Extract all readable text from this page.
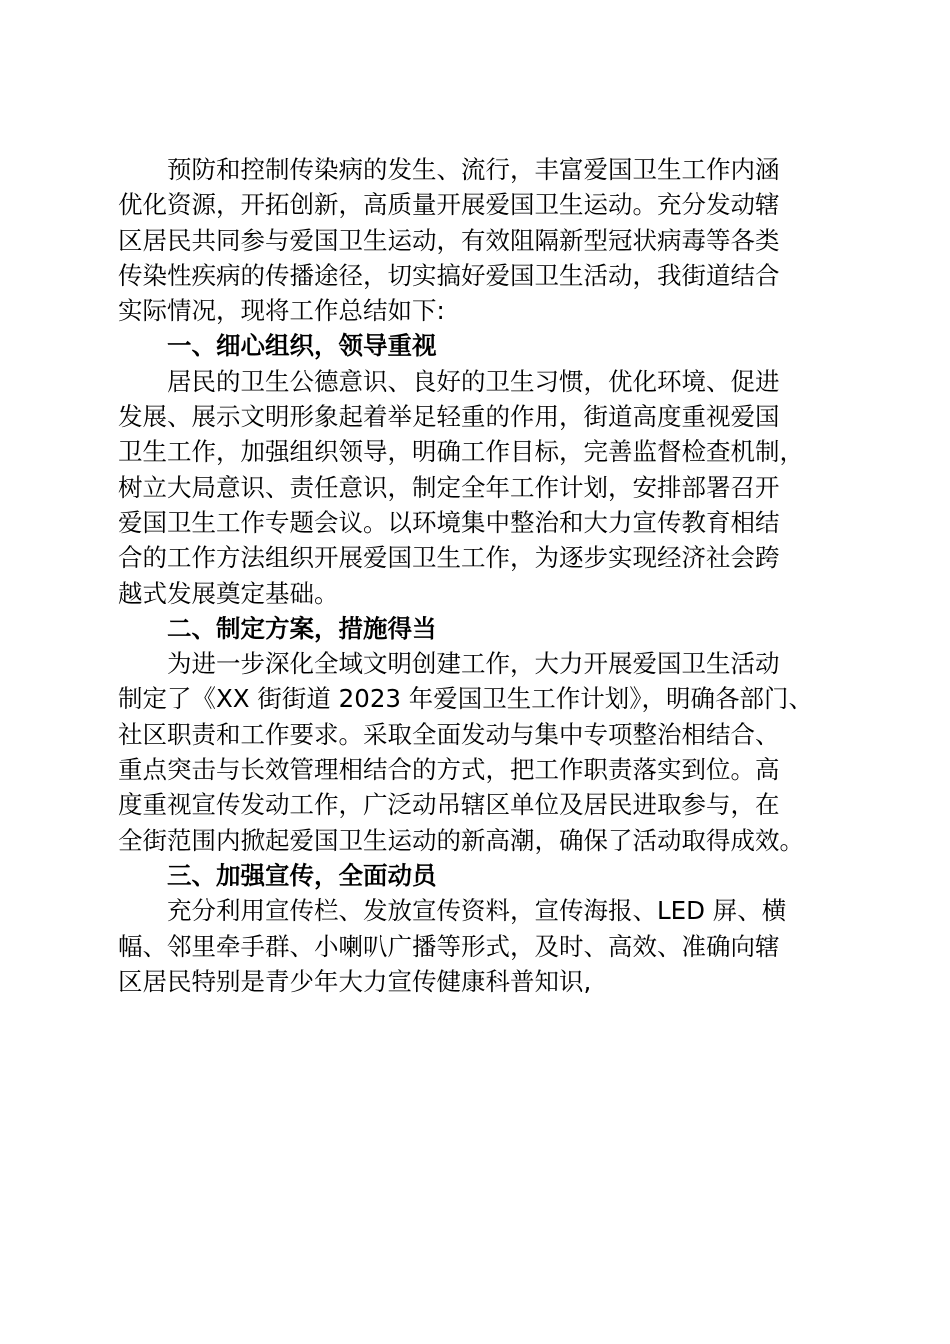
预防和控制传染病的发生、流行，丰富爱国卫生工作内涵
优化资源，开拓创新，高质量开展爱国卫生运动。充分发动辖
区居民共同参与爱国卫生运动，有效阻隔新型冠状病毒等各类
传染性疾病的传播途径，切实搞好爱国卫生活动，我街道结合
实际情况，现将工作总结如下:
一、细心组织，领导重视
居民的卫生公德意识、良好的卫生习惯，优化环境、促进
发展、展示文明形象起着举足轻重的作用，街道高度重视爱国
卫生工作，加强组织领导，明确工作目标，完善监督检查机制，
树立大局意识、责任意识，制定全年工作计划，安排部署召开
爱国卫生工作专题会议。以环境集中整治和大力宣传教育相结
合的工作方法组织开展爱国卫生工作，为逐步实现经济社会跨
越式发展奠定基础。
二、制定方案，措施得当
为进一步深化全域文明创建工作，大力开展爱国卫生活动
制定了《XX 街街道 2023 年爱国卫生工作计划》，明确各部门、
社区职责和工作要求。采取全面发动与集中专项整治相结合、
重点突击与长效管理相结合的方式，把工作职责落实到位。高
度重视宣传发动工作，广泛动吊辖区单位及居民进取参与，在
全街范围内掀起爱国卫生运动的新高潮，确保了活动取得成效。
三、加强宣传，全面动员
充分利用宣传栏、发放宣传资料，宣传海报、LED 屏、横
幅、邻里牵手群、小喇叭广播等形式，及时、高效、准确向辖
区居民特别是青少年大力宣传健康科普知识,
